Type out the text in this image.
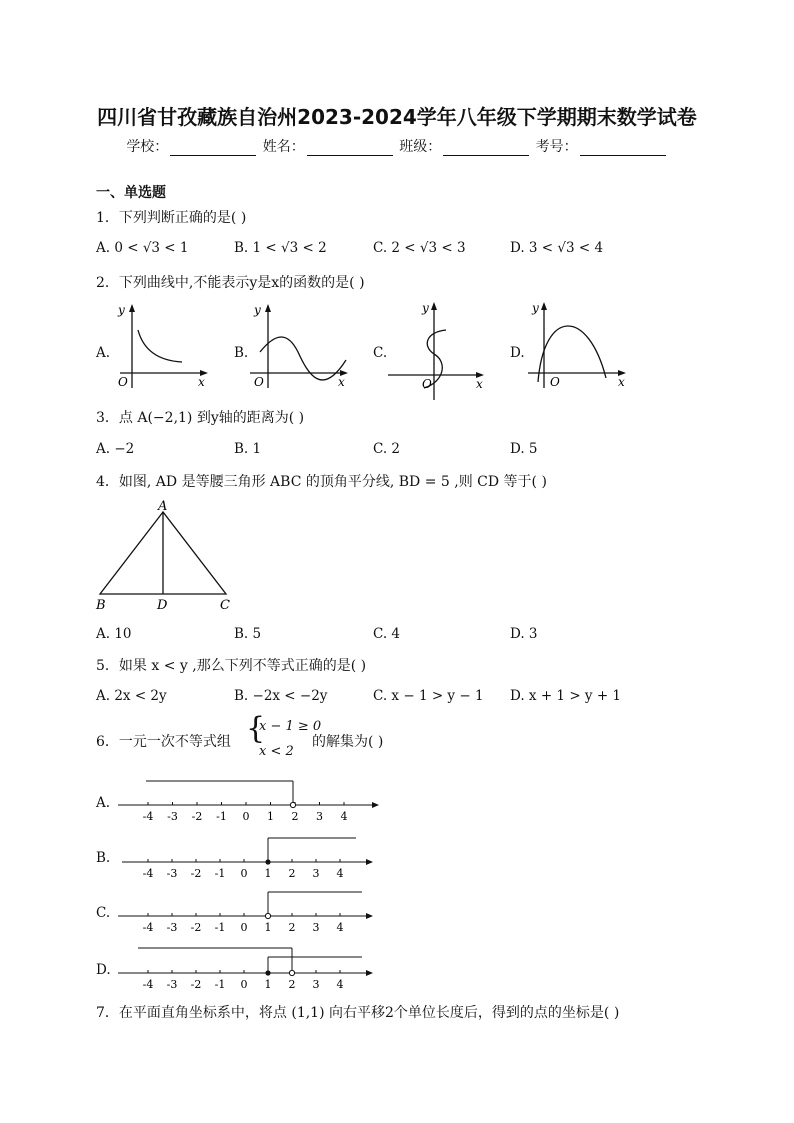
四川省甘孜藏族自治州2023-2024学年八年级下学期期末数学试卷
学校：	姓名：	班级：	考号：
一、单选题
1．下列判断正确的是( )
A. 0 < √3 < 1	B. 1 < √3 < 2	C. 2 < √3 < 3	D. 3 < √3 < 4
2．下列曲线中,不能表示y是x的函数的是( )
A.	B.	C.	D.
y
x
O
y
x
O
y
x
O
y
x
O
3．点 A(−2,1) 到y轴的距离为( )
A. −2	B. 1	C. 2	D. 5
4．如图, AD 是等腰三角形 ABC 的顶角平分线, BD = 5 ,则 CD 等于( )
A
B	D	C
A. 10	B. 5	C. 4	D. 3
5．如果 x < y ,那么下列不等式正确的是( )
A. 2x < 2y	B. −2x < −2y	C. x − 1 > y − 1 D. x + 1 > y + 1
6．一元一次不等式组 {
x − 1 ≥ 0
x < 2
的解集为( )
A.
-4 -3 -2 -1 0 1 2 3 4
B.
-4 -3 -2 -1 0 1 2 3 4
C.
-4 -3 -2 -1 0 1 2 3 4
D.
-4 -3 -2 -1 0 1 2 3 4
7．在平面直角坐标系中，将点 (1,1) 向右平移2个单位长度后，得到的点的坐标是( )
